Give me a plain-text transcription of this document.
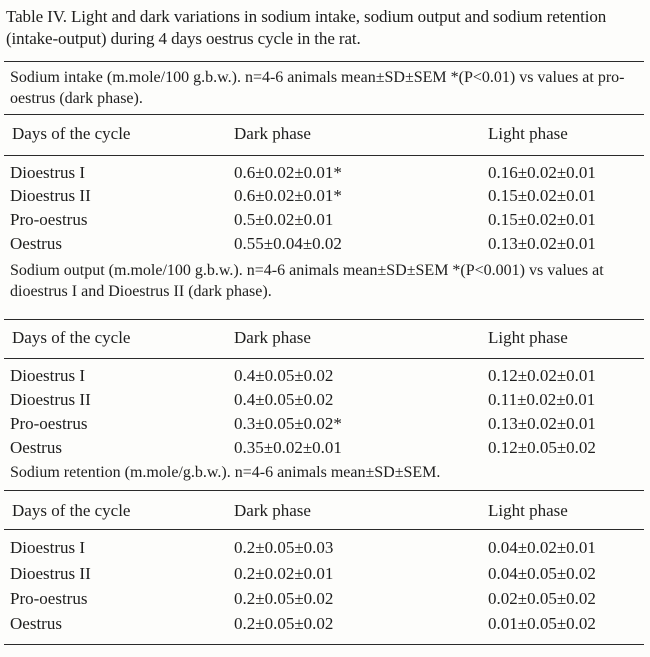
Table IV. Light and dark variations in sodium intake, sodium output and sodium retention (intake-output) during 4 days oestrus cycle in the rat.
Sodium intake (m.mole/100 g.b.w.). n=4-6 animals mean±SD±SEM *(P<0.01) vs values at pro-oestrus (dark phase).
Days of the cycle	Dark phase	Light phase
Dioestrus I	0.6±0.02±0.01*	0.16±0.02±0.01
Dioestrus II	0.6±0.02±0.01*	0.15±0.02±0.01
Pro-oestrus	0.5±0.02±0.01	0.15±0.02±0.01
Oestrus	0.55±0.04±0.02	0.13±0.02±0.01
Sodium output (m.mole/100 g.b.w.). n=4-6 animals mean±SD±SEM *(P<0.001) vs values at dioestrus I and Dioestrus II (dark phase).
Days of the cycle	Dark phase	Light phase
Dioestrus I	0.4±0.05±0.02	0.12±0.02±0.01
Dioestrus II	0.4±0.05±0.02	0.11±0.02±0.01
Pro-oestrus	0.3±0.05±0.02*	0.13±0.02±0.01
Oestrus	0.35±0.02±0.01	0.12±0.05±0.02
Sodium retention (m.mole/g.b.w.). n=4-6 animals mean±SD±SEM.
Days of the cycle	Dark phase	Light phase
Dioestrus I	0.2±0.05±0.03	0.04±0.02±0.01
Dioestrus II	0.2±0.02±0.01	0.04±0.05±0.02
Pro-oestrus	0.2±0.05±0.02	0.02±0.05±0.02
Oestrus	0.2±0.05±0.02	0.01±0.05±0.02
